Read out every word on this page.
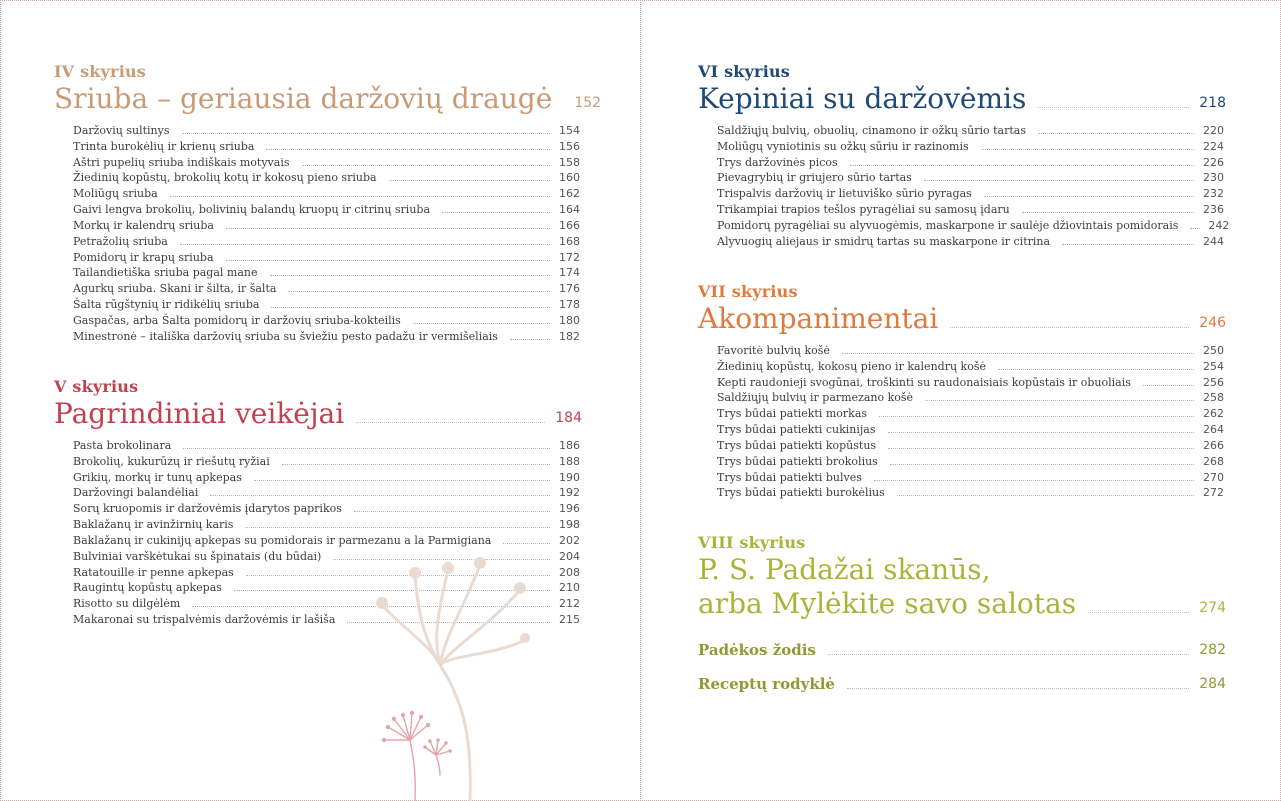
IV skyrius
Sriuba – geriausia daržovių draugė 152
Daržovių sultinys	154
Trinta burokėlių ir krienų sriuba	156
Aštri pupelių sriuba indiškais motyvais	158
Žiedinių kopūstų, brokolių kotų ir kokosų pieno sriuba	160
Moliūgų sriuba	162
Gaivi lengva brokolių, bolivinių balandų kruopų ir citrinų sriuba	164
Morkų ir kalendrų sriuba	166
Petražolių sriuba	168
Pomidorų ir krapų sriuba	172
Tailandietiška sriuba pagal mane	174
Agurkų sriuba. Skani ir šilta, ir šalta	176
Šalta rūgštynių ir ridikėlių sriuba	178
Gaspačas, arba Šalta pomidorų ir daržovių sriuba-kokteilis	180
Minestronė – itališka daržovių sriuba su šviežiu pesto padažu ir vermišeliais	182
V skyrius
Pagrindiniai veikėjai	184
Pasta brokolinara	186
Brokolių, kukurūzų ir riešutų ryžiai	188
Grikių, morkų ir tunų apkepas	190
Daržovingi balandėliai	192
Sorų kruopomis ir daržovėmis įdarytos paprikos	196
Baklažanų ir avinžirnių karis	198
Baklažanų ir cukinijų apkepas su pomidorais ir parmezanu a la Parmigiana	202
Bulviniai varškėtukai su špinatais (du būdai)	204
Ratatouille ir penne apkepas	208
Raugintų kopūstų apkepas	210
Risotto su dilgėlėm	212
Makaronai su trispalvėmis daržovėmis ir lašiša	215
VI skyrius
Kepiniai su daržovėmis	218
Saldžiųjų bulvių, obuolių, cinamono ir ožkų sūrio tartas	220
Moliūgų vyniotinis su ožkų sūriu ir razinomis	224
Trys daržovinės picos	226
Pievagrybių ir griujero sūrio tartas	230
Trispalvis daržovių ir lietuviško sūrio pyragas	232
Trikampiai trapios tešlos pyragėliai su samosų įdaru	236
Pomidorų pyragėliai su alyvuogėmis, maskarpone ir saulėje džiovintais pomidorais	242
Alyvuogių aliejaus ir smidrų tartas su maskarpone ir citrina	244
VII skyrius
Akompanimentai	246
Favoritė bulvių košė	250
Žiedinių kopūstų, kokosų pieno ir kalendrų košė	254
Kepti raudonieji svogūnai, troškinti su raudonaisiais kopūstais ir obuoliais	256
Saldžiųjų bulvių ir parmezano košė	258
Trys būdai patiekti morkas	262
Trys būdai patiekti cukinijas	264
Trys būdai patiekti kopūstus	266
Trys būdai patiekti brokolius	268
Trys būdai patiekti bulves	270
Trys būdai patiekti burokėlius	272
VIII skyrius
P. S. Padažai skanūs,
arba Mylėkite savo salotas	274
Padėkos žodis	282
Receptų rodyklė	284
